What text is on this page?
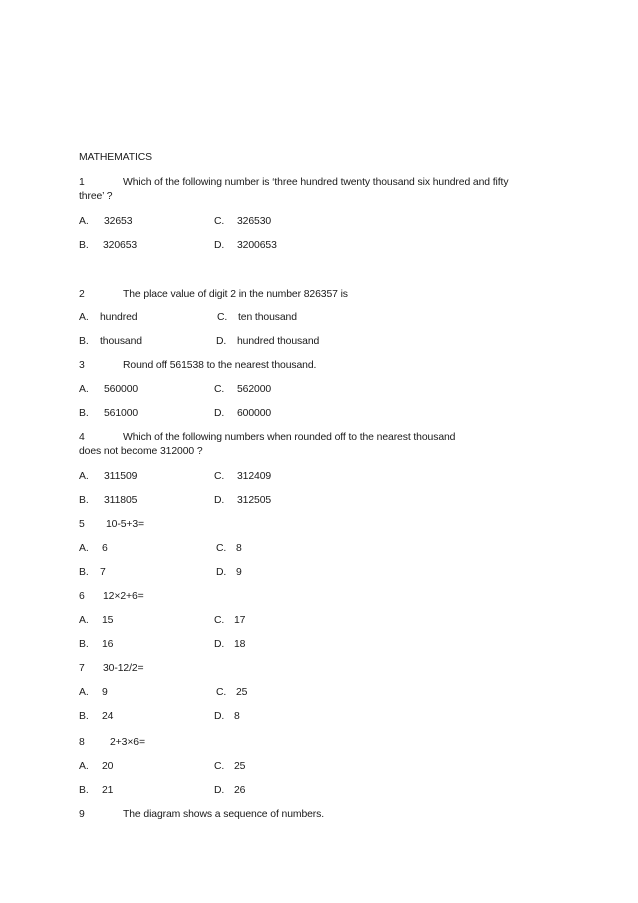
MATHEMATICS
1	Which of the following number is ‘three hundred twenty thousand six hundred and fifty
three’ ?
A. 32653	C. 326530
B. 320653	D. 3200653
2	The place value of digit 2 in the number 826357 is
A. hundred	C. ten thousand
B. thousand	D. hundred thousand
3	Round off 561538 to the nearest thousand.
A. 560000	C. 562000
B. 561000	D. 600000
4	Which of the following numbers when rounded off to the nearest thousand
does not become 312000 ?
A. 311509	C. 312409
B. 311805	D. 312505
5 10-5+3=
A. 6	C. 8
B. 7	D. 9
6 12×2+6=
A. 15	C. 17
B. 16	D. 18
7 30-12/2=
A. 9	C. 25
B. 24	D. 8
8 2+3×6=
A. 20	C. 25
B. 21	D. 26
9	The diagram shows a sequence of numbers.
